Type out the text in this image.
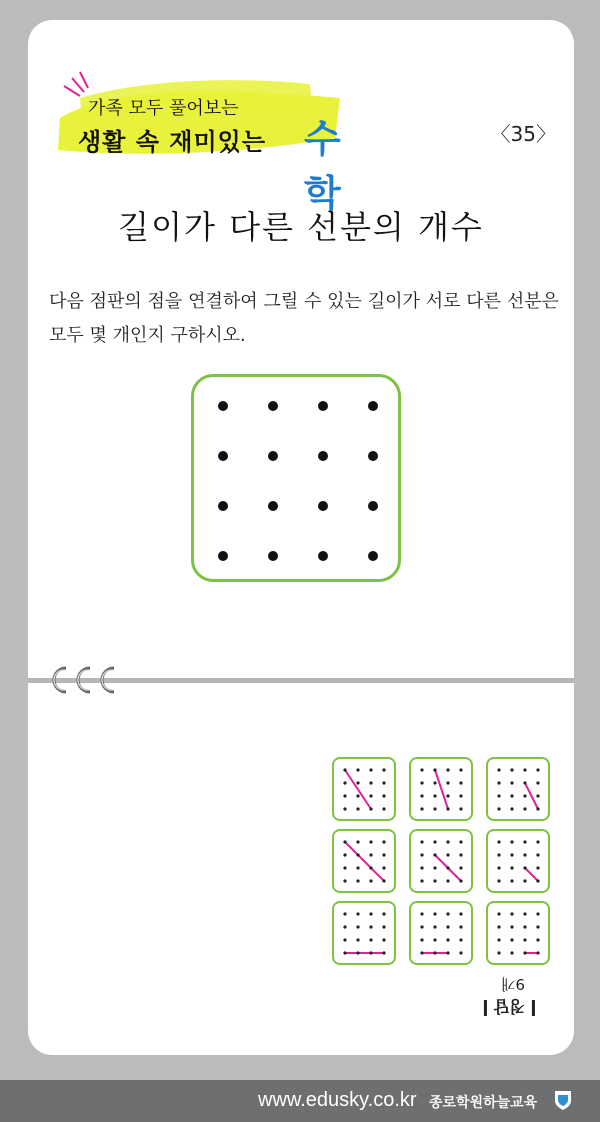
가족 모두 풀어보는
생활 속 재미있는 수학
〈35〉
길이가 다른 선분의 개수
다음 점판의 점을 연결하여 그릴 수 있는 길이가 서로 다른 선분은 모두 몇 개인지 구하시오.
9개
정답
www.edusky.co.kr 종로학원하늘교육
